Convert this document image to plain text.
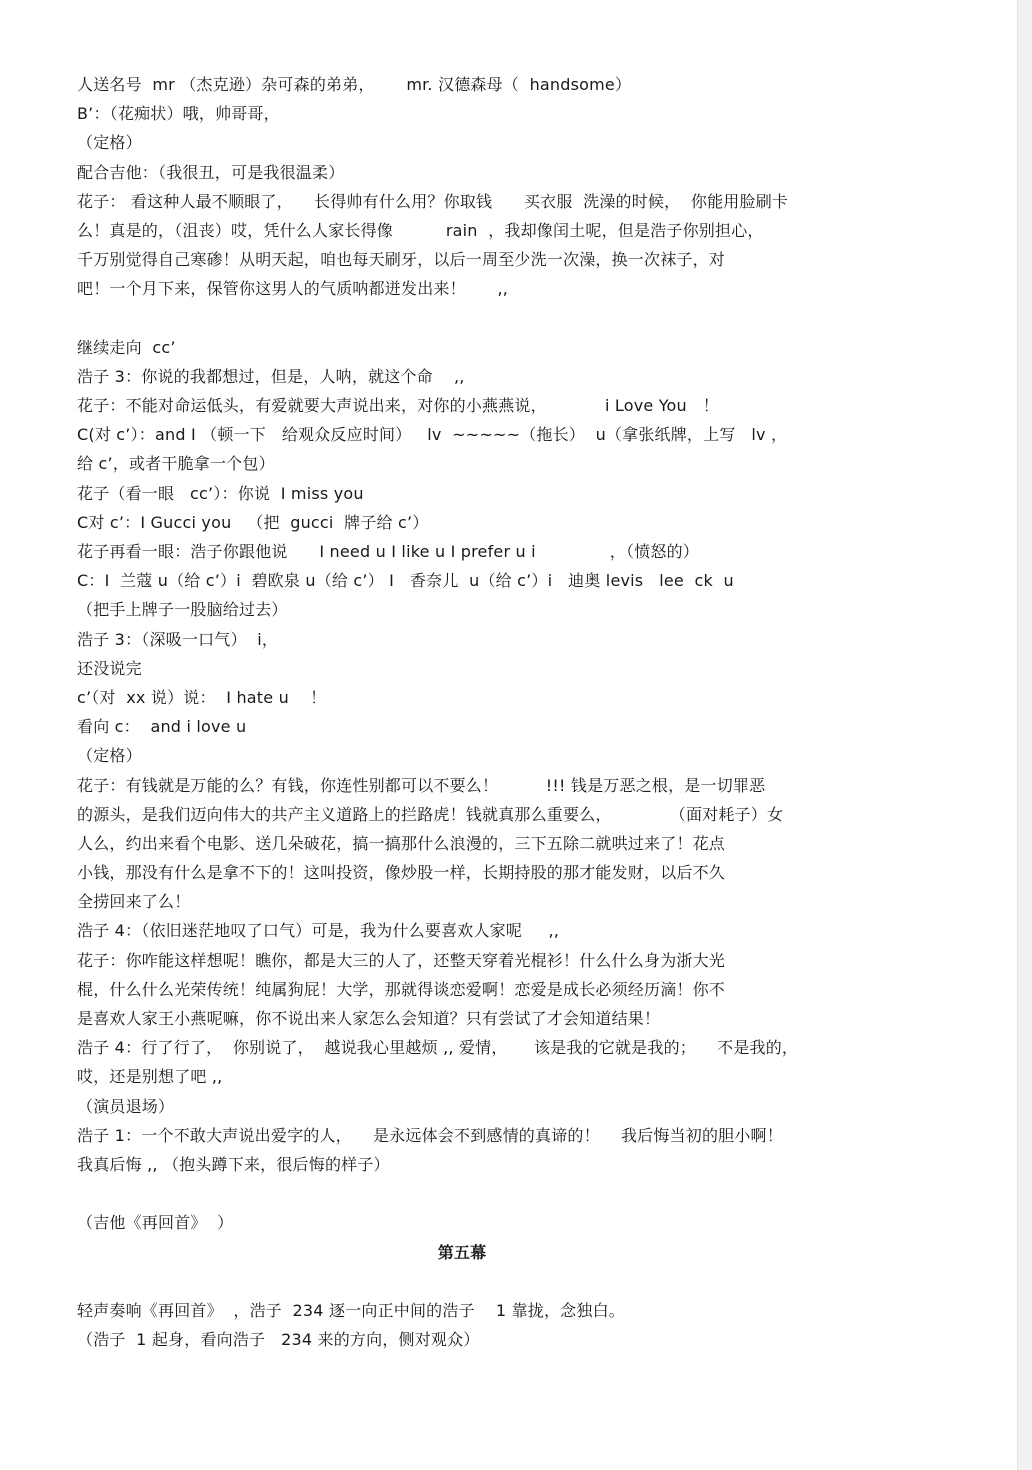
人送名号  mr （杰克逊）杂可森的弟弟，      mr. 汉德森母（  handsome）
B’：（花痴状）哦，帅哥哥，
（定格）
配合吉他：（我很丑，可是我很温柔）
花子： 看这种人最不顺眼了，    长得帅有什么用？你取钱      买衣服  洗澡的时候，  你能用脸刷卡
么！真是的，（沮丧）哎，凭什么人家长得像          rain  ，我却像闰土呢，但是浩子你别担心，
千万别觉得自己寒碜！从明天起，咱也每天刷牙，以后一周至少洗一次澡，换一次袜子，对
吧！一个月下来，保管你这男人的气质呐都迸发出来！      ,,
继续走向  cc’
浩子 3：你说的我都想过，但是，人呐，就这个命    ,,
花子：不能对命运低头，有爱就要大声说出来，对你的小燕燕说，           i Love You   ！
C(对 c’）：and I （顿一下   给观众反应时间）   lv  ~~~~~（拖长）  u（拿张纸牌，上写   lv ，
给 c’，或者干脆拿一个包）
花子（看一眼   cc’）：你说  I miss you
C对 c’：I Gucci you   （把  gucci  牌子给 c’）
花子再看一眼：浩子你跟他说      I need u I like u I prefer u i              ，（愤怒的）
C：I  兰蔻 u（给 c’）i  碧欧泉 u（给 c’） I   香奈儿  u（给 c’）i   迪奥 levis   lee  ck  u
（把手上牌子一股脑给过去）
浩子 3：（深吸一口气）  i，
还没说完
c’（对  xx 说）说：  I hate u    ！
看向 c：  and i love u
（定格）
花子：有钱就是万能的么？有钱，你连性别都可以不要么！         !!! 钱是万恶之根，是一切罪恶
的源头，是我们迈向伟大的共产主义道路上的拦路虎！钱就真那么重要么，           （面对耗子）女
人么，约出来看个电影、送几朵破花，搞一搞那什么浪漫的，三下五除二就哄过来了！花点
小钱，那没有什么是拿不下的！这叫投资，像炒股一样，长期持股的那才能发财，以后不久
全捞回来了么！
浩子 4：（依旧迷茫地叹了口气）可是，我为什么要喜欢人家呢     ,,
花子：你咋能这样想呢！瞧你，都是大三的人了，还整天穿着光棍衫！什么什么身为浙大光
棍，什么什么光荣传统！纯属狗屁！大学，那就得谈恋爱啊！恋爱是成长必须经历滴！你不
是喜欢人家王小燕呢嘛，你不说出来人家怎么会知道？只有尝试了才会知道结果！
浩子 4：行了行了，  你别说了，  越说我心里越烦 ,, 爱情，     该是我的它就是我的；    不是我的，
哎，还是别想了吧 ,,
（演员退场）
浩子 1：一个不敢大声说出爱字的人，    是永远体会不到感情的真谛的！    我后悔当初的胆小啊！
我真后悔 ,, （抱头蹲下来，很后悔的样子）
（吉他《再回首》  ）
第五幕
轻声奏响《再回首》  ，浩子  234 逐一向正中间的浩子    1 靠拢，念独白。
（浩子  1 起身，看向浩子   234 来的方向，侧对观众）
